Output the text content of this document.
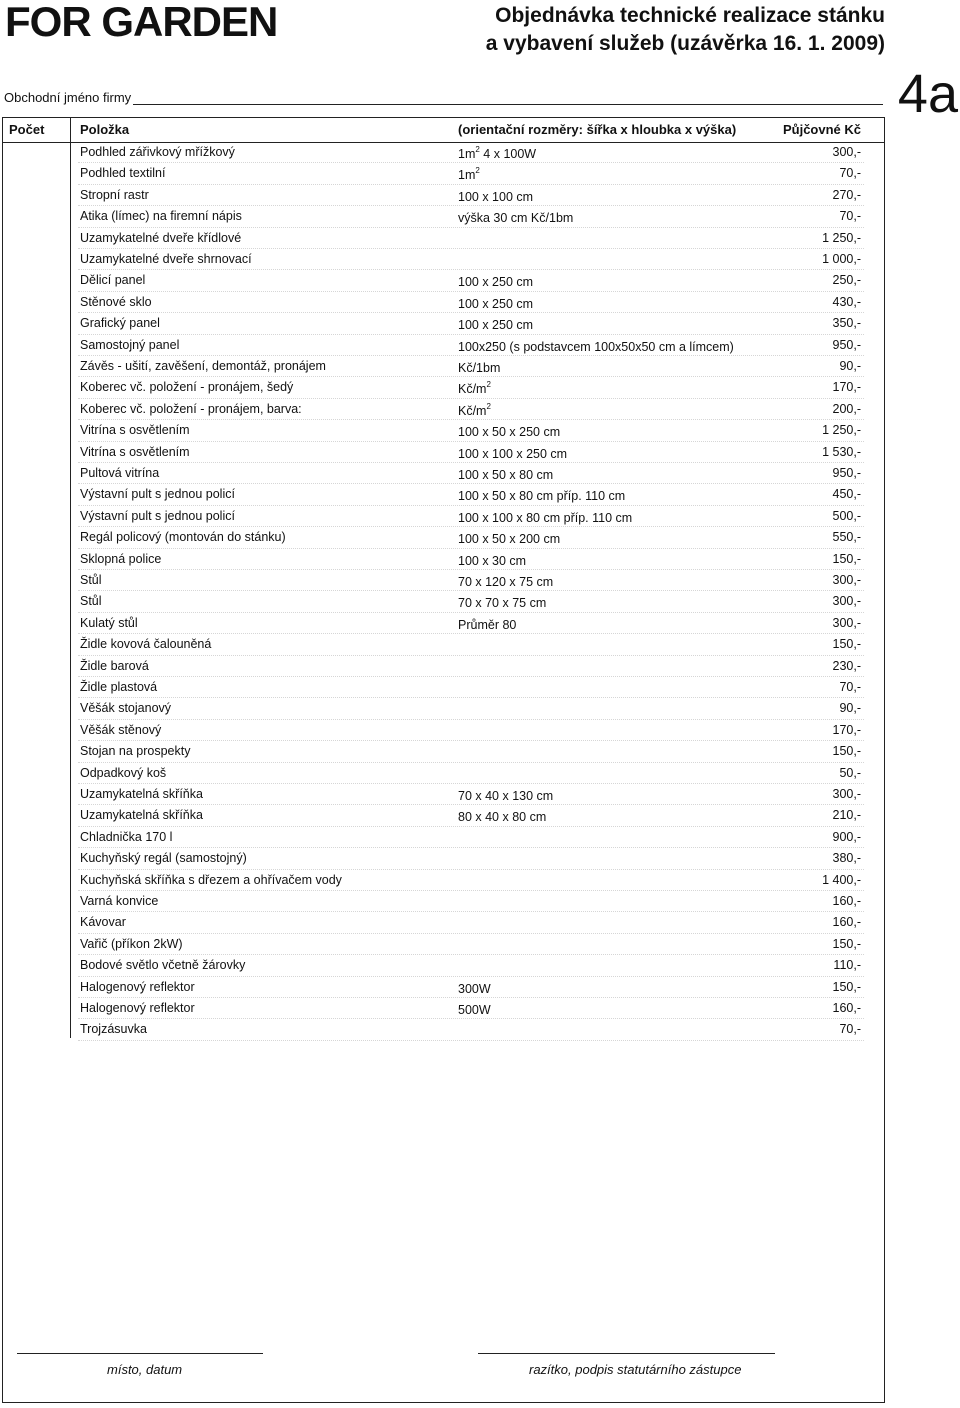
FOR GARDEN	Objednávka technické realizace stánku
a vybavení služeb (uzávěrka 16. 1. 2009)
Obchodní jméno firmy	4a
Počet	Položka	(orientační rozměry: šířka x hloubka x výška)	Půjčovné Kč
Podhled zářivkový mřížkový	$1m^2$ 4 x 100W	300,-
Podhled textilní	$1m^2$	70,-
Stropní rastr	100 x 100 cm	270,-
Atika (límec) na firemní nápis	výška 30 cm Kč/1bm	70,-
Uzamykatelné dveře křídlové	1 250,-
Uzamykatelné dveře shrnovací	1 000,-
Dělicí panel	100 x 250 cm	250,-
Stěnové sklo	100 x 250 cm	430,-
Grafický panel	100 x 250 cm	350,-
Samostojný panel	100x250 (s podstavcem 100x50x50 cm a límcem)	950,-
Závěs - ušití, zavěšení, demontáž, pronájem	Kč/1bm	90,-
Koberec vč. položení - pronájem, šedý	$Kč/m^2$	170,-
Koberec vč. položení - pronájem, barva:	$Kč/m^2$	200,-
Vitrína s osvětlením	100 x 50 x 250 cm	1 250,-
Vitrína s osvětlením	100 x 100 x 250 cm	1 530,-
Pultová vitrína	100 x 50 x 80 cm	950,-
Výstavní pult s jednou policí	100 x 50 x 80 cm příp. 110 cm	450,-
Výstavní pult s jednou policí	100 x 100 x 80 cm příp. 110 cm	500,-
Regál policový (montován do stánku)	100 x 50 x 200 cm	550,-
Sklopná police	100 x 30 cm	150,-
Stůl	70 x 120 x 75 cm	300,-
Stůl	70 x 70 x 75 cm	300,-
Kulatý stůl	Průměr 80	300,-
Židle kovová čalouněná	150,-
Židle barová	230,-
Židle plastová	70,-
Věšák stojanový	90,-
Věšák stěnový	170,-
Stojan na prospekty	150,-
Odpadkový koš	50,-
Uzamykatelná skříňka	70 x 40 x 130 cm	300,-
Uzamykatelná skříňka	80 x 40 x 80 cm	210,-
Chladnička 170 l	900,-
Kuchyňský regál (samostojný)	380,-
Kuchyňská skříňka s dřezem a ohřívačem vody	1 400,-
Varná konvice	160,-
Kávovar	160,-
Vařič (příkon 2kW)	150,-
Bodové světlo včetně žárovky	110,-
Halogenový reflektor	300W	150,-
Halogenový reflektor	500W	160,-
Trojzásuvka	70,-
místo, datum	razítko, podpis statutárního zástupce
